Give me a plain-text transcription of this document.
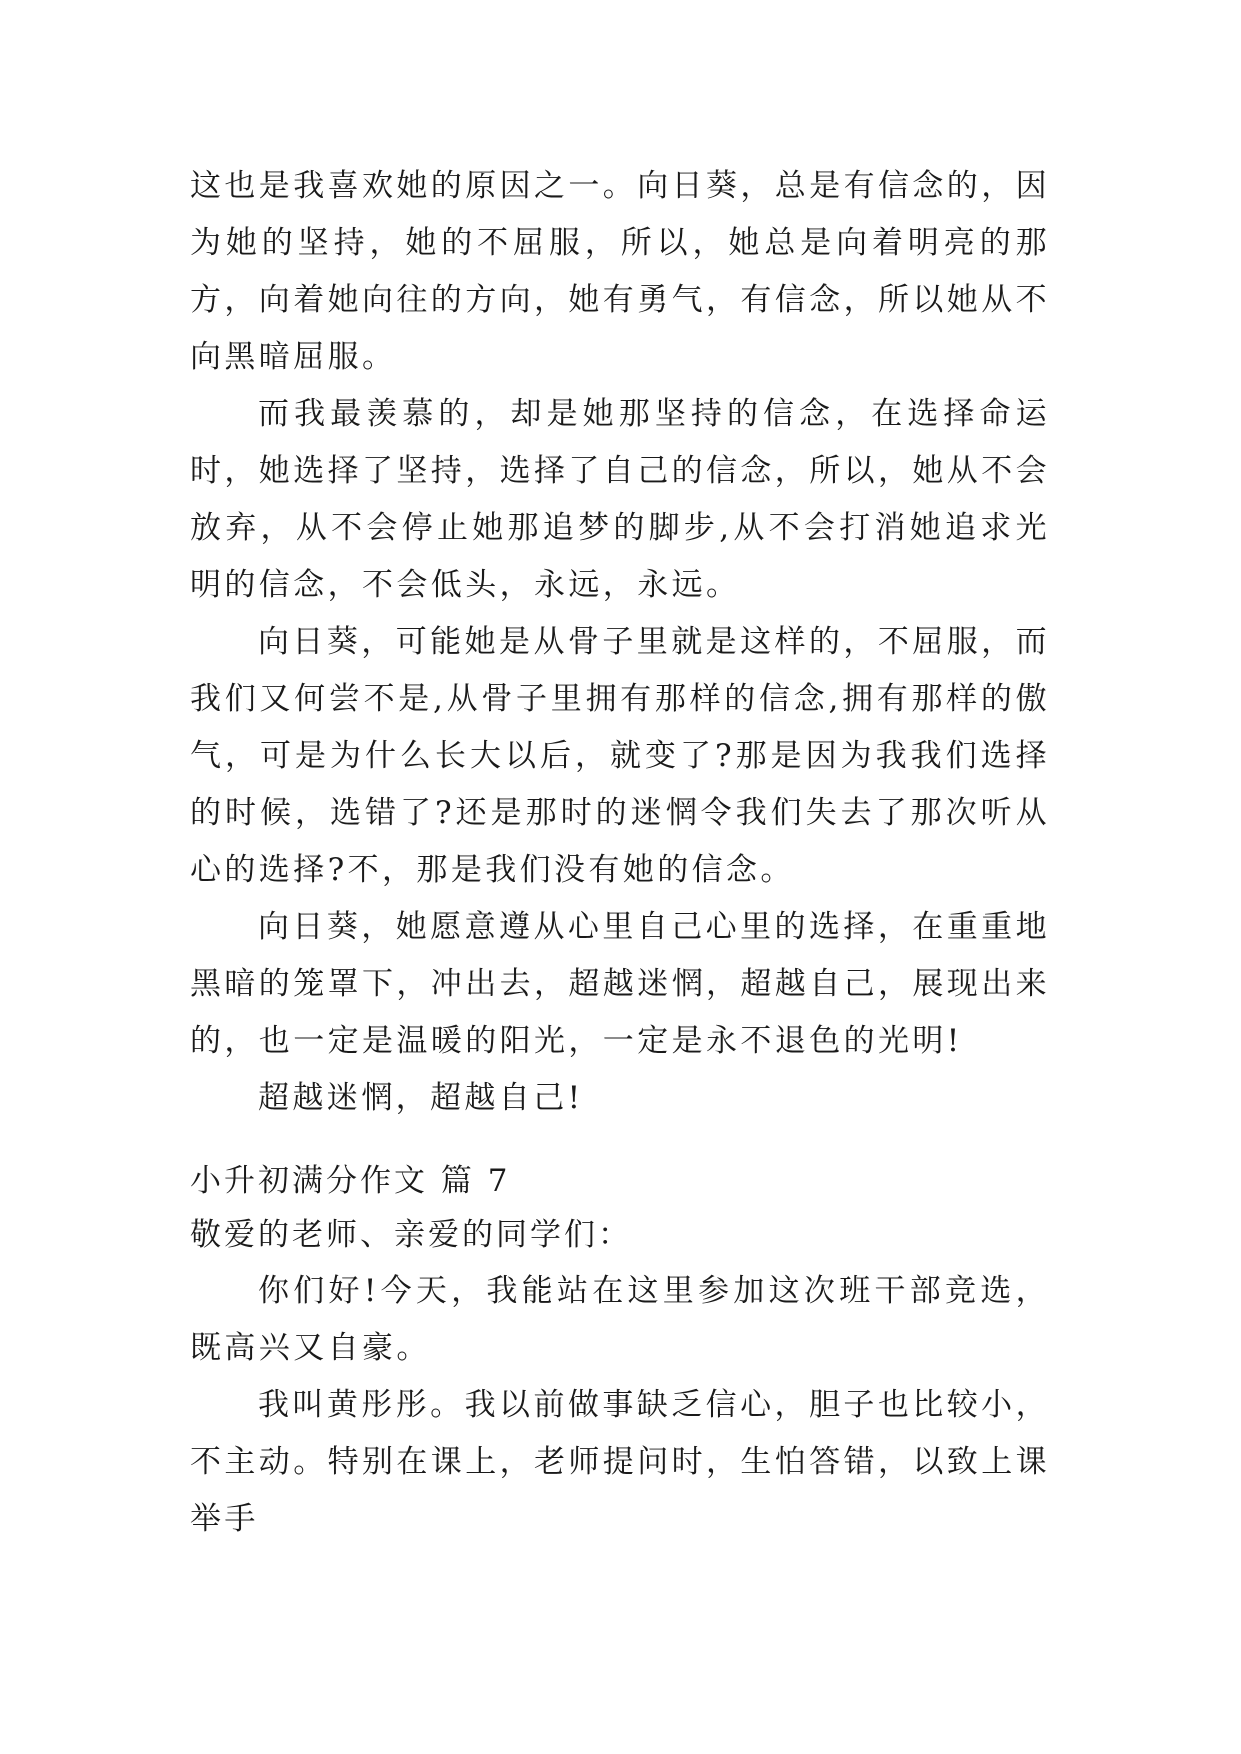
这也是我喜欢她的原因之一。向日葵，总是有信念的，因为她的坚持，她的不屈服，所以，她总是向着明亮的那方，向着她向往的方向，她有勇气，有信念，所以她从不向黑暗屈服。

而我最羡慕的，却是她那坚持的信念，在选择命运时，她选择了坚持，选择了自己的信念，所以，她从不会放弃，从不会停止她那追梦的脚步,从不会打消她追求光明的信念，不会低头，永远，永远。

向日葵，可能她是从骨子里就是这样的，不屈服，而我们又何尝不是,从骨子里拥有那样的信念,拥有那样的傲气，可是为什么长大以后，就变了?那是因为我我们选择的时候，选错了?还是那时的迷惘令我们失去了那次听从心的选择?不，那是我们没有她的信念。

向日葵，她愿意遵从心里自己心里的选择，在重重地黑暗的笼罩下，冲出去，超越迷惘，超越自己，展现出来的，也一定是温暖的阳光，一定是永不退色的光明!

超越迷惘，超越自己!

小升初满分作文 篇 7

敬爱的老师、亲爱的同学们：

你们好!今天，我能站在这里参加这次班干部竞选，既高兴又自豪。

我叫黄彤彤。我以前做事缺乏信心，胆子也比较小，不主动。特别在课上，老师提问时，生怕答错，以致上课举手
